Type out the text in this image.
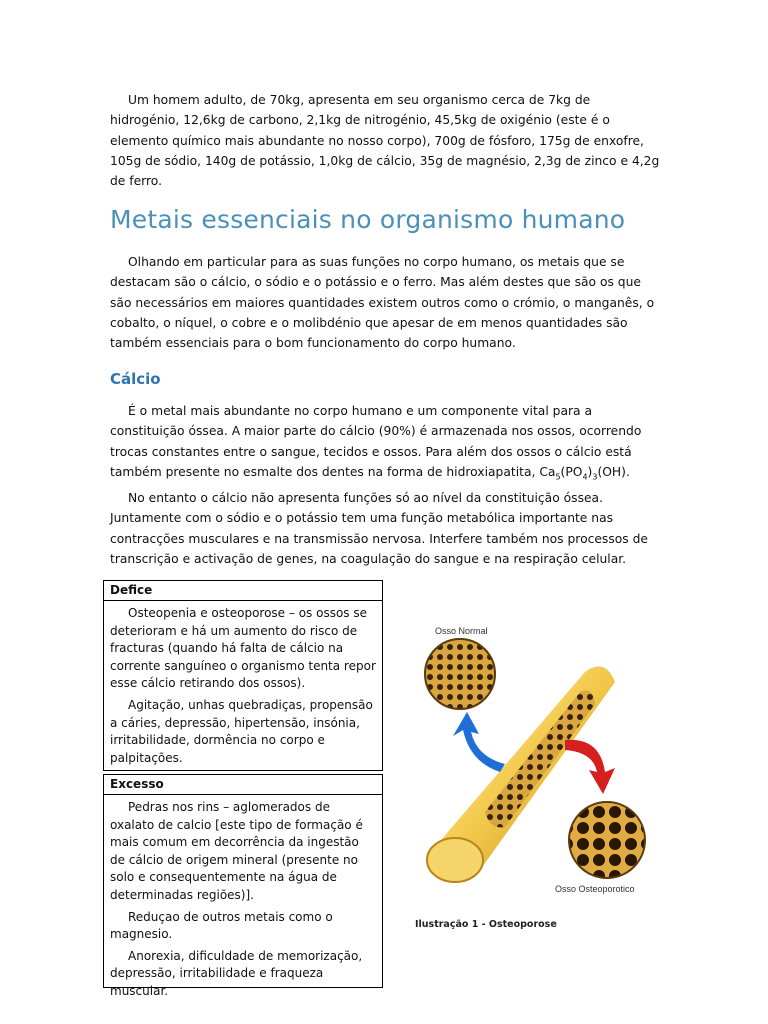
Um homem adulto, de 70kg, apresenta em seu organismo cerca de 7kg de hidrogénio, 12,6kg de carbono, 2,1kg de nitrogénio, 45,5kg de oxigénio (este é o elemento químico mais abundante no nosso corpo), 700g de fósforo, 175g de enxofre, 105g de sódio, 140g de potássio, 1,0kg de cálcio, 35g de magnésio, 2,3g de zinco e 4,2g de ferro.
Metais essenciais no organismo humano
Olhando em particular para as suas funções no corpo humano, os metais que se destacam são o cálcio, o sódio e o potássio e o ferro. Mas além destes que são os que são necessários em maiores quantidades existem outros como o crómio, o manganês, o cobalto, o níquel, o cobre e o molibdénio que apesar de em menos quantidades são também essenciais para o bom funcionamento do corpo humano.
Cálcio
É o metal mais abundante no corpo humano e um componente vital para a constituição óssea. A maior parte do cálcio (90%) é armazenada nos ossos, ocorrendo trocas constantes entre o sangue, tecidos e ossos. Para além dos ossos o cálcio está também presente no esmalte dos dentes na forma de hidroxiapatita, $Ca_5(PO_4)_3(OH)$.
No entanto o cálcio não apresenta funções só ao nível da constituição óssea. Juntamente com o sódio e o potássio tem uma função metabólica importante nas contracções musculares e na transmissão nervosa. Interfere também nos processos de transcrição e activação de genes, na coagulação do sangue e na respiração celular.
Defice

Osteopenia e osteoporose – os ossos se deterioram e há um aumento do risco de fracturas (quando há falta de cálcio na corrente sanguíneo o organismo tenta repor esse cálcio retirando dos ossos).

Agitação, unhas quebradiças, propensão a cáries, depressão, hipertensão, insónia, irritabilidade, dormência no corpo e palpitações.

Excesso

Pedras nos rins – aglomerados de oxalato de calcio [este tipo de formação é mais comum em decorrência da ingestão de cálcio de origem mineral (presente no solo e consequentemente na água de determinadas regiões)].

Reduçao de outros metais como o magnesio.

Anorexia, dificuldade de memorização, depressão, irritabilidade e fraqueza muscular.

Osso Normal
Osso Osteoporotico
Ilustração 1 - Osteoporose
